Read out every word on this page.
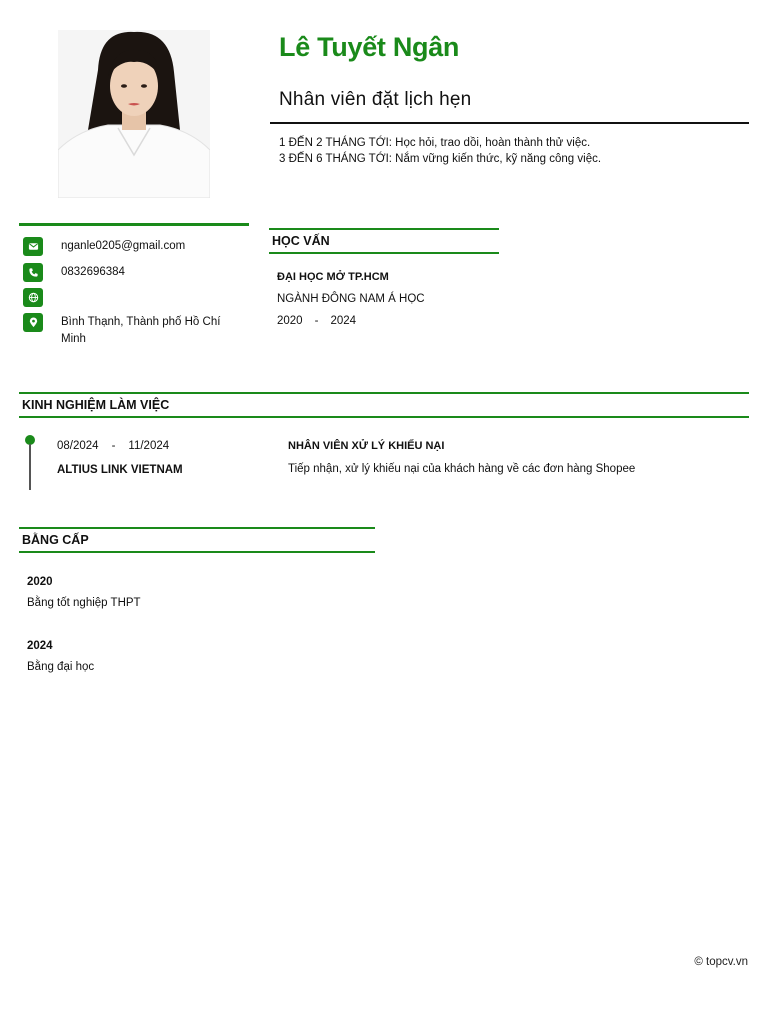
Lê Tuyết Ngân
Nhân viên đặt lịch hẹn
1 ĐẾN 2 THÁNG TỚI: Học hỏi, trao dồi, hoàn thành thử việc.
3 ĐẾN 6 THÁNG TỚI: Nắm vững kiến thức, kỹ năng công việc.
nganle0205@gmail.com
0832696384
Bình Thạnh, Thành phố Hồ Chí Minh
HỌC VẤN
ĐẠI HỌC MỞ TP.HCM
NGÀNH ĐÔNG NAM Á HỌC
2020 - 2024
KINH NGHIỆM LÀM VIỆC
08/2024 - 11/2024
ALTIUS LINK VIETNAM
NHÂN VIÊN XỬ LÝ KHIẾU NẠI
Tiếp nhận, xử lý khiếu nại của khách hàng về các đơn hàng Shopee
BẰNG CẤP
2020
Bằng tốt nghiệp THPT
2024
Bằng đại học
© topcv.vn
